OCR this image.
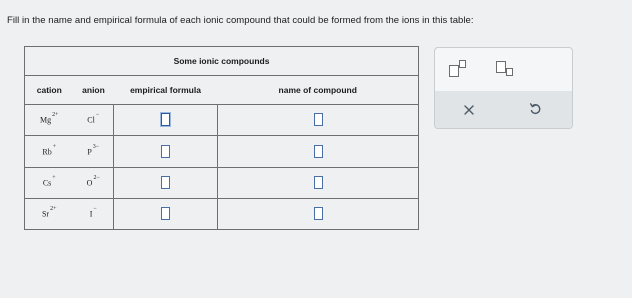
Fill in the name and empirical formula of each ionic compound that could be formed from the ions in this table:
Some ionic compounds			
cation	anion	empirical formula	name of compound
$Mg^{2+}$	Cl−		
Rb+	$P^{3-}$		
Cs+	$O^{2-}$		
$Sr^{2+}$	I−		
